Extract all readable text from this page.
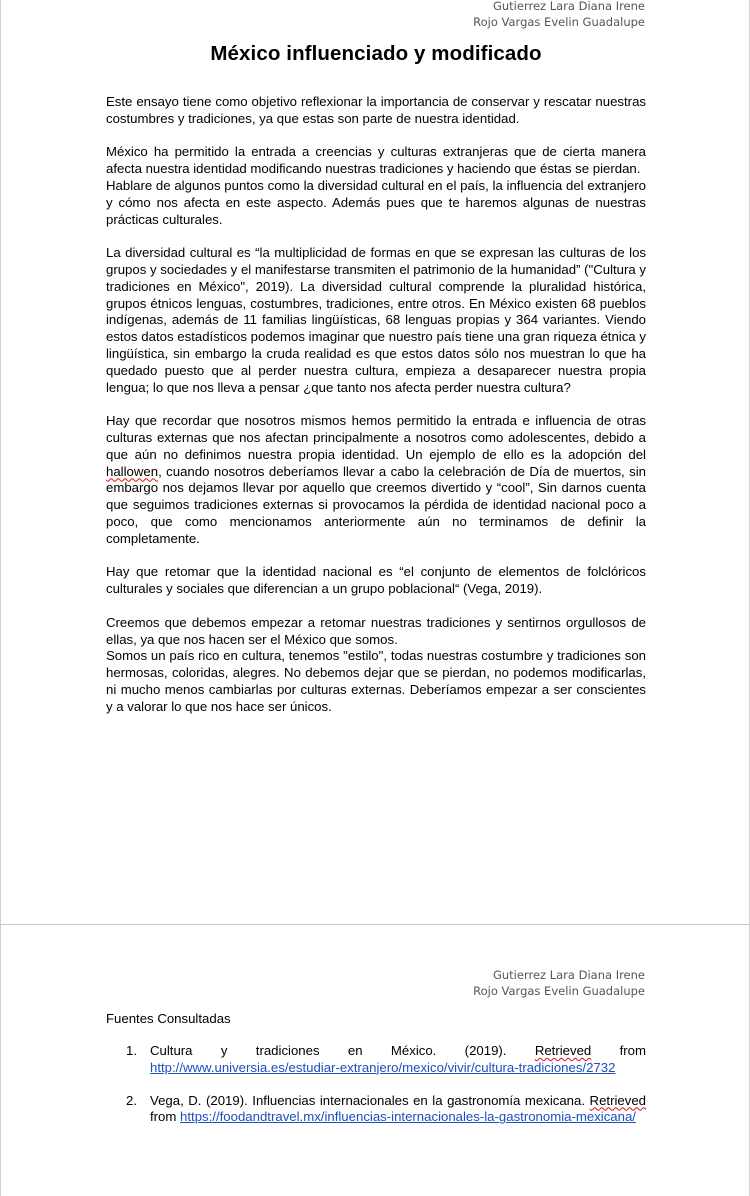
Gutierrez Lara Diana Irene
Rojo Vargas Evelin Guadalupe
México influenciado y modificado

Este ensayo tiene como objetivo reflexionar la importancia de conservar y rescatar nuestras costumbres y tradiciones, ya que estas son parte de nuestra identidad.

México ha permitido la entrada a creencias y culturas extranjeras que de cierta manera afecta nuestra identidad modificando nuestras tradiciones y haciendo que éstas se pierdan.

Hablare de algunos puntos como la diversidad cultural en el país, la influencia del extranjero y cómo nos afecta en este aspecto. Además pues que te haremos algunas de nuestras prácticas culturales.

La diversidad cultural es “la multiplicidad de formas en que se expresan las culturas de los grupos y sociedades y el manifestarse transmiten el patrimonio de la humanidad” ("Cultura y tradiciones en México", 2019). La diversidad cultural comprende la pluralidad histórica, grupos étnicos lenguas, costumbres, tradiciones, entre otros. En México existen 68 pueblos indígenas, además de 11 familias lingüísticas, 68 lenguas propias y 364 variantes. Viendo estos datos estadísticos podemos imaginar que nuestro país tiene una gran riqueza étnica y lingüística, sin embargo la cruda realidad es que estos datos sólo nos muestran lo que ha quedado puesto que al perder nuestra cultura, empieza a desaparecer nuestra propia lengua; lo que nos lleva a pensar ¿que tanto nos afecta perder nuestra cultura?

Hay que recordar que nosotros mismos hemos permitido la entrada e influencia de otras culturas externas que nos afectan principalmente a nosotros como adolescentes, debido a que aún no definimos nuestra propia identidad. Un ejemplo de ello es la adopción del hallowen, cuando nosotros deberíamos llevar a cabo la celebración de Día de muertos, sin embargo nos dejamos llevar por aquello que creemos divertido y “cool”, Sin darnos cuenta que seguimos tradiciones externas si provocamos la pérdida de identidad nacional poco a poco, que como mencionamos anteriormente aún no terminamos de definir la completamente.

Hay que retomar que la identidad nacional es “el conjunto de elementos de folclóricos culturales y sociales que diferencian a un grupo poblacional“ (Vega, 2019).

Creemos que debemos empezar a retomar nuestras tradiciones y sentirnos orgullosos de ellas, ya que nos hacen ser el México que somos.

Somos un país rico en cultura, tenemos "estilo", todas nuestras costumbre y tradiciones son hermosas, coloridas, alegres. No debemos dejar que se pierdan, no podemos modificarlas, ni mucho menos cambiarlas por culturas externas. Deberíamos empezar a ser conscientes y a valorar lo que nos hace ser únicos.

Gutierrez Lara Diana Irene
Rojo Vargas Evelin Guadalupe
Fuentes Consultadas
1. Cultura y tradiciones en México. (2019). Retrieved from http://www.universia.es/estudiar-extranjero/mexico/vivir/cultura-tradiciones/2732
2. Vega, D. (2019). Influencias internacionales en la gastronomía mexicana. Retrieved from https://foodandtravel.mx/influencias-internacionales-la-gastronomia-mexicana/
